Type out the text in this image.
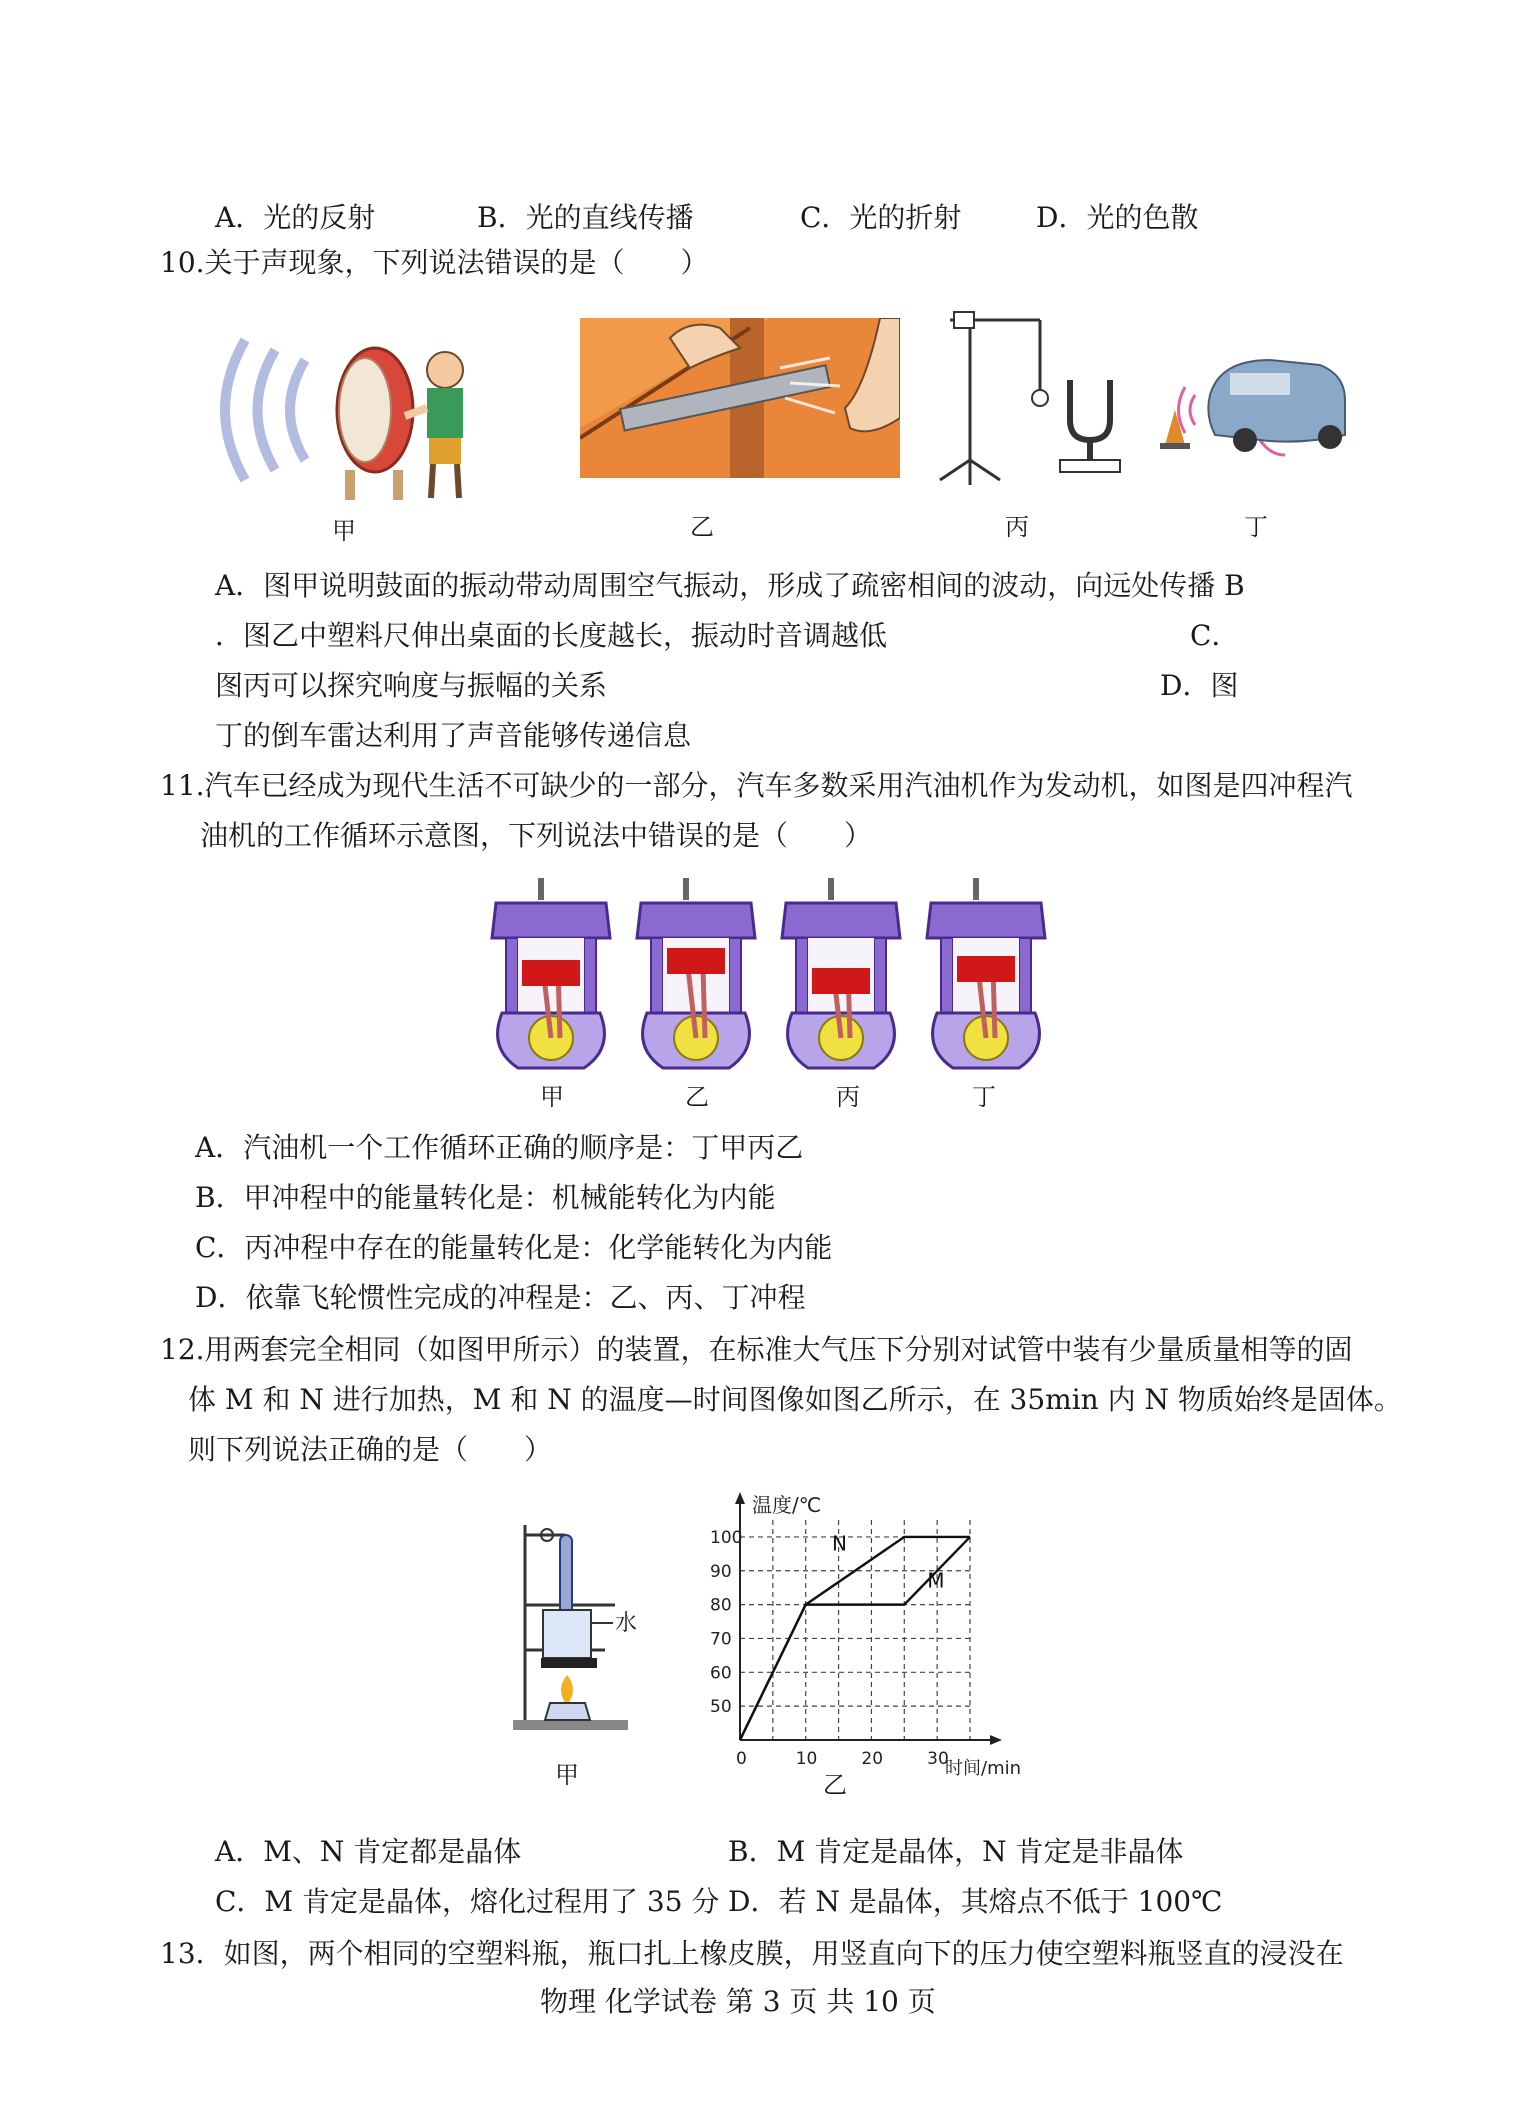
A．光的反射	B．光的直线传播	C．光的折射	D．光的色散
10.关于声现象，下列说法错误的是（　　）
甲	乙	丙	丁
A．图甲说明鼓面的振动带动周围空气振动，形成了疏密相间的波动，向远处传播 B
．图乙中塑料尺伸出桌面的长度越长，振动时音调越低	C．
图丙可以探究响度与振幅的关系	D．图
丁的倒车雷达利用了声音能够传递信息
11.汽车已经成为现代生活不可缺少的一部分，汽车多数采用汽油机作为发动机，如图是四冲程汽
油机的工作循环示意图，下列说法中错误的是（　　）
甲	乙	丙	丁
A．汽油机一个工作循环正确的顺序是：丁甲丙乙
B．甲冲程中的能量转化是：机械能转化为内能
C．丙冲程中存在的能量转化是：化学能转化为内能
D．依靠飞轮惯性完成的冲程是：乙、丙、丁冲程
12.用两套完全相同（如图甲所示）的装置，在标准大气压下分别对试管中装有少量质量相等的固
体 M 和 N 进行加热，M 和 N 的温度—时间图像如图乙所示，在 35min 内 N 物质始终是固体。
则下列说法正确的是（　　）
水
甲
温度/℃
时间/min
0	10	20	30
50
60
70
80
90
100	N
M
乙
A．M、N 肯定都是晶体	B．M 肯定是晶体，N 肯定是非晶体
C．M 肯定是晶体，熔化过程用了 35 分 D．若 N 是晶体，其熔点不低于 100℃
13．如图，两个相同的空塑料瓶，瓶口扎上橡皮膜，用竖直向下的压力使空塑料瓶竖直的浸没在
物理 化学试卷 第 3 页 共 10 页
